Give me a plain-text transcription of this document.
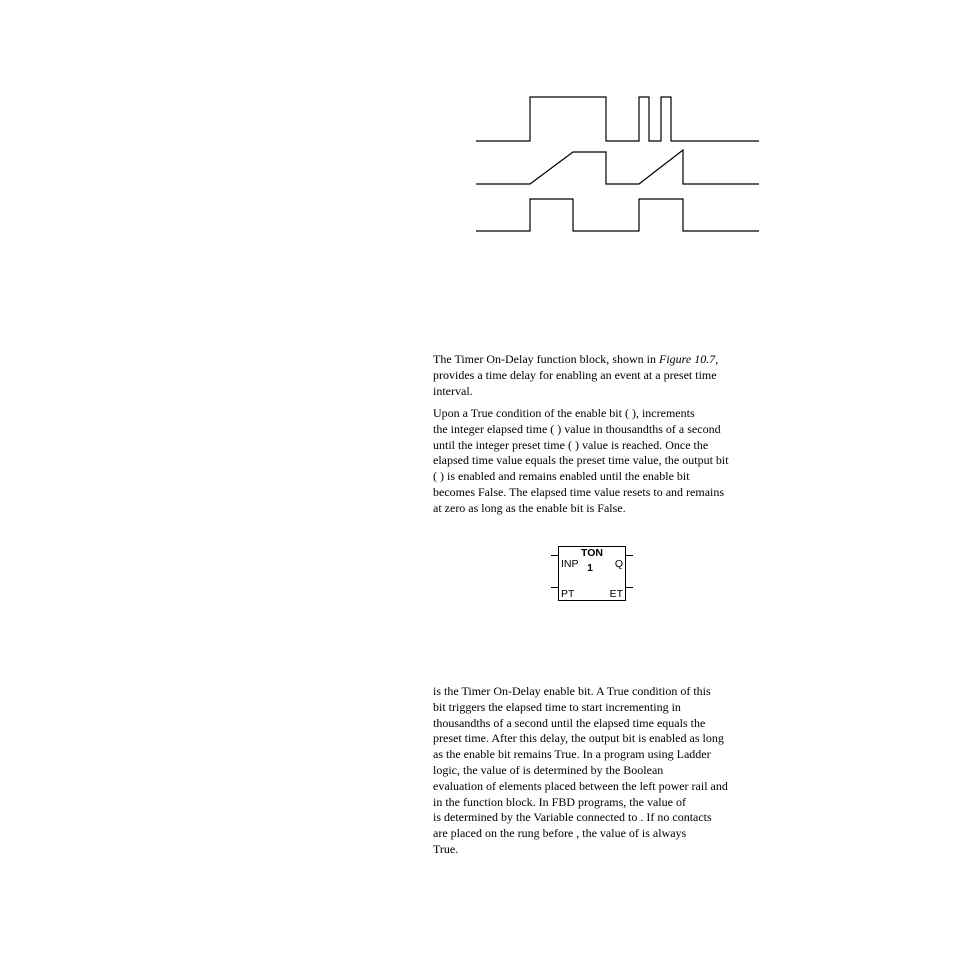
The Timer On-Delay function block, shown in Figure 10.7,
provides a time delay for enabling an event at a preset time
interval.

Upon a True condition of the enable bit ( ), increments
the integer elapsed time ( ) value in thousandths of a second
until the integer preset time ( ) value is reached. Once the
elapsed time value equals the preset time value, the output bit
( ) is enabled and remains enabled until the enable bit
becomes False. The elapsed time value resets to and remains
at zero as long as the enable bit is False.

TON
1
INP
PT
Q
ET

is the Timer On-Delay enable bit. A True condition of this
bit triggers the elapsed time to start incrementing in
thousandths of a second until the elapsed time equals the
preset time. After this delay, the output bit is enabled as long
as the enable bit remains True. In a program using Ladder
logic, the value of is determined by the Boolean
evaluation of elements placed between the left power rail and
in the function block. In FBD programs, the value of
is determined by the Variable connected to . If no contacts
are placed on the rung before , the value of is always
True.
